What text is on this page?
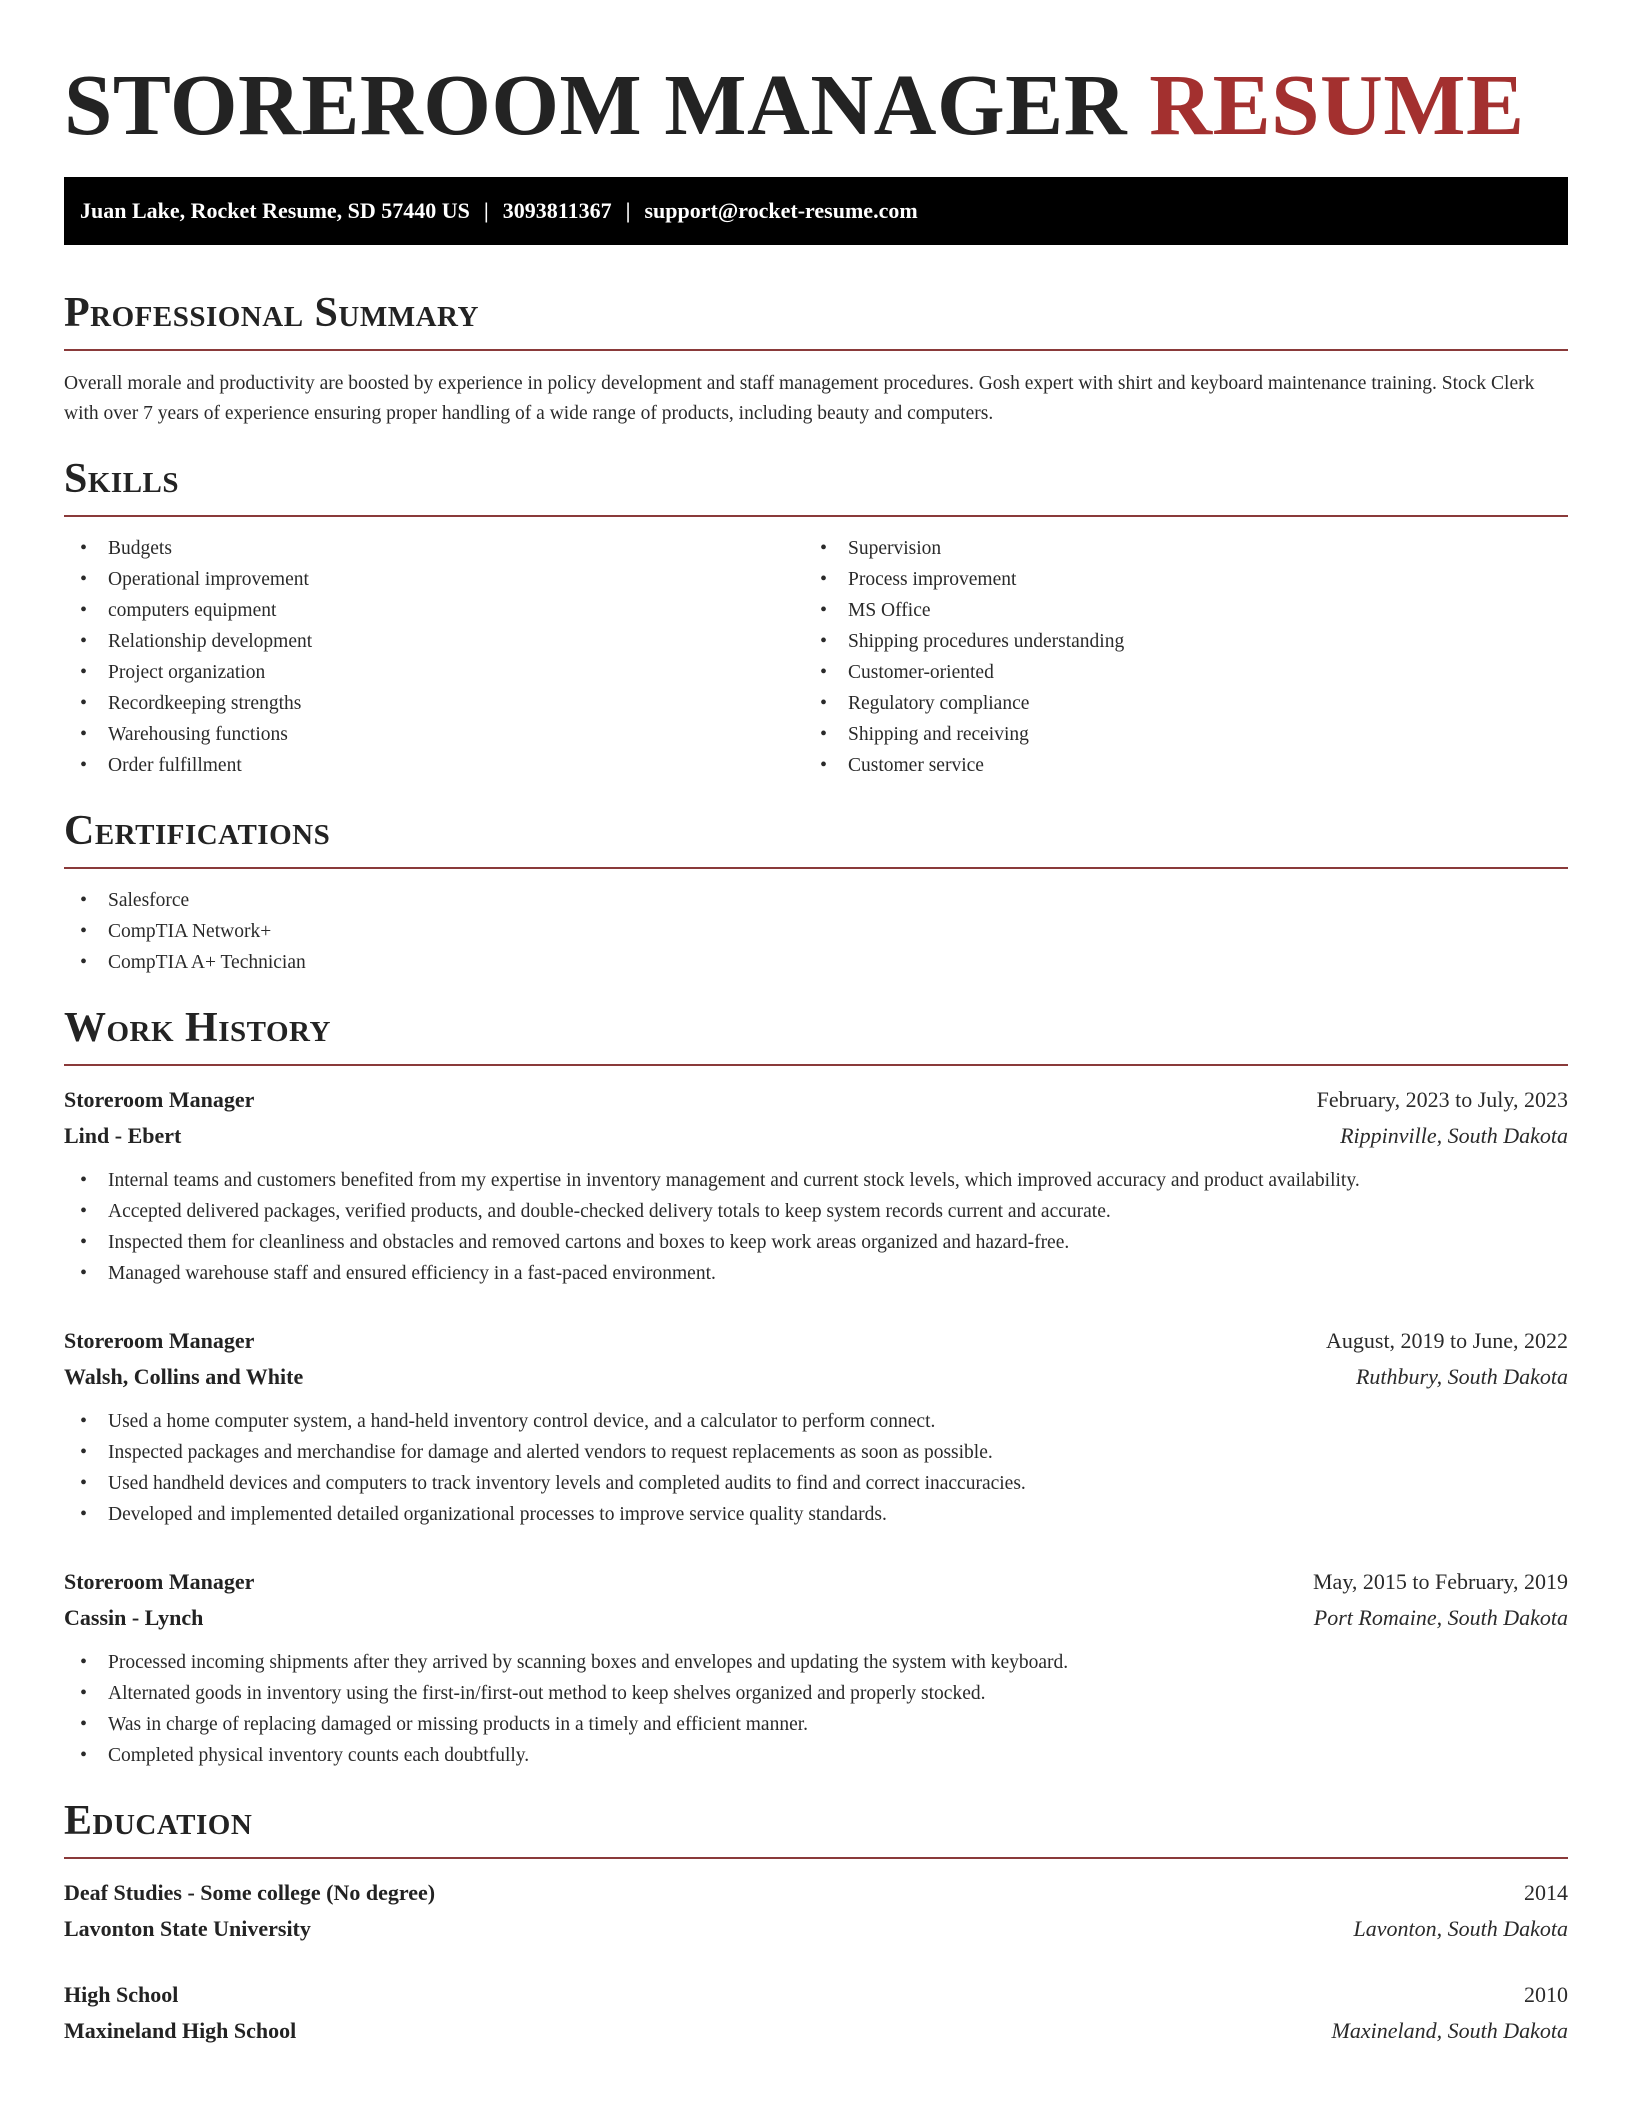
STOREROOM MANAGER RESUME
Juan Lake, Rocket Resume, SD 57440 US | 3093811367 | support@rocket-resume.com
Professional Summary

Overall morale and productivity are boosted by experience in policy development and staff management procedures. Gosh expert with shirt and keyboard maintenance training. Stock Clerk with over 7 years of experience ensuring proper handling of a wide range of products, including beauty and computers.

Skills
• Budgets
• Operational improvement
• computers equipment
• Relationship development
• Project organization
• Recordkeeping strengths
• Warehousing functions
• Order fulfillment
• Supervision
• Process improvement
• MS Office
• Shipping procedures understanding
• Customer-oriented
• Regulatory compliance
• Shipping and receiving
• Customer service
Certifications
• Salesforce
• CompTIA Network+
• CompTIA A+ Technician
Work History
Storeroom Manager	February, 2023 to July, 2023
Lind - Ebert	Rippinville, South Dakota
• Internal teams and customers benefited from my expertise in inventory management and current stock levels, which improved accuracy and product availability.
• Accepted delivered packages, verified products, and double-checked delivery totals to keep system records current and accurate.
• Inspected them for cleanliness and obstacles and removed cartons and boxes to keep work areas organized and hazard-free.
• Managed warehouse staff and ensured efficiency in a fast-paced environment.
Storeroom Manager	August, 2019 to June, 2022
Walsh, Collins and White	Ruthbury, South Dakota
• Used a home computer system, a hand-held inventory control device, and a calculator to perform connect.
• Inspected packages and merchandise for damage and alerted vendors to request replacements as soon as possible.
• Used handheld devices and computers to track inventory levels and completed audits to find and correct inaccuracies.
• Developed and implemented detailed organizational processes to improve service quality standards.
Storeroom Manager	May, 2015 to February, 2019
Cassin - Lynch	Port Romaine, South Dakota
• Processed incoming shipments after they arrived by scanning boxes and envelopes and updating the system with keyboard.
• Alternated goods in inventory using the first-in/first-out method to keep shelves organized and properly stocked.
• Was in charge of replacing damaged or missing products in a timely and efficient manner.
• Completed physical inventory counts each doubtfully.
Education
Deaf Studies - Some college (No degree)	2014
Lavonton State University	Lavonton, South Dakota
High School	2010
Maxineland High School	Maxineland, South Dakota
